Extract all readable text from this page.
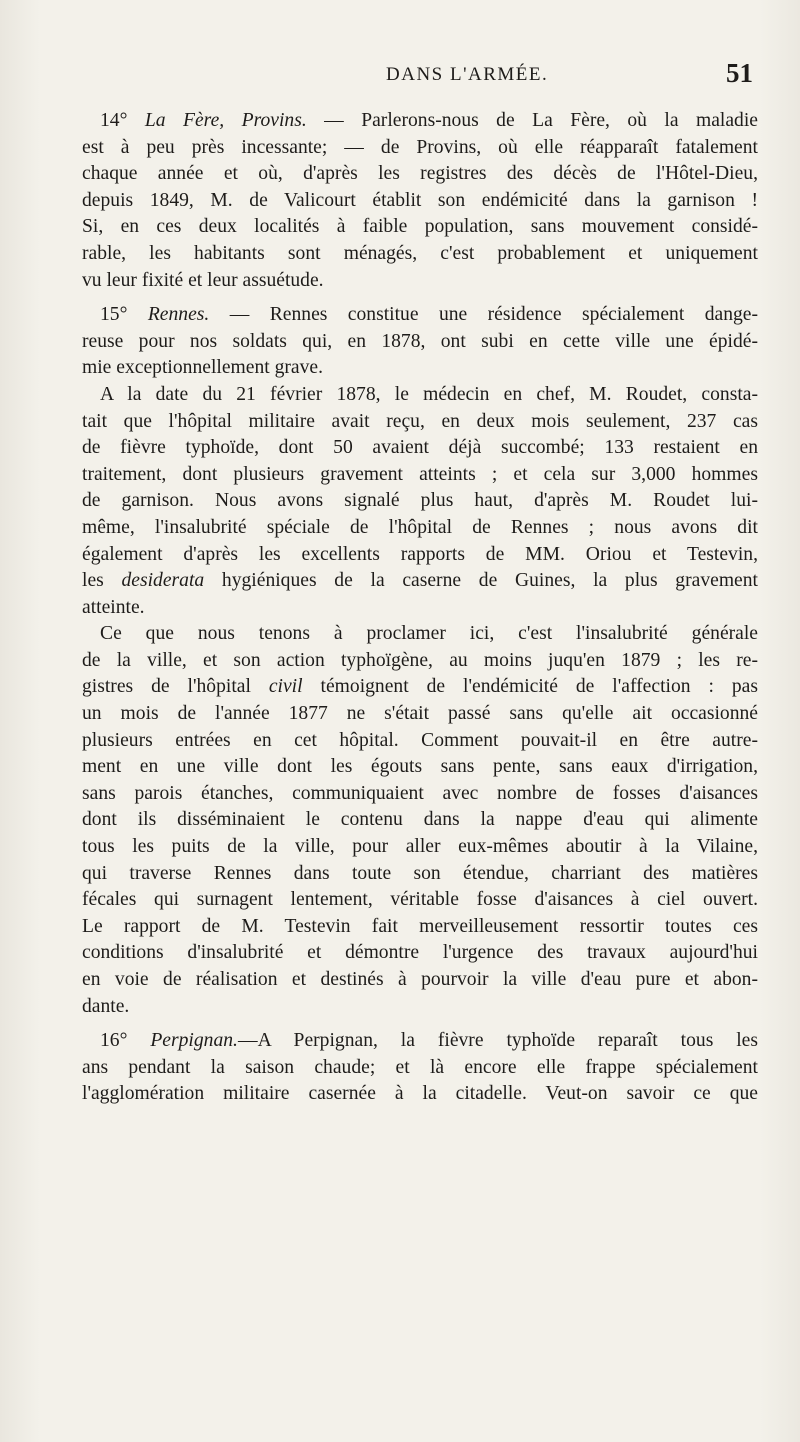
DANS L'ARMÉE.	51

14° La Fère, Provins. — Parlerons-nous de La Fère, où la maladie
est à peu près incessante; — de Provins, où elle réapparaît fatalement
chaque année et où, d'après les registres des décès de l'Hôtel-Dieu,
depuis 1849, M. de Valicourt établit son endémicité dans la garnison !
Si, en ces deux localités à faible population, sans mouvement considé-
rable, les habitants sont ménagés, c'est probablement et uniquement
vu leur fixité et leur assuétude.

15° Rennes. — Rennes constitue une résidence spécialement dange-
reuse pour nos soldats qui, en 1878, ont subi en cette ville une épidé-
mie exceptionnellement grave.
A la date du 21 février 1878, le médecin en chef, M. Roudet, consta-
tait que l'hôpital militaire avait reçu, en deux mois seulement, 237 cas
de fièvre typhoïde, dont 50 avaient déjà succombé; 133 restaient en
traitement, dont plusieurs gravement atteints ; et cela sur 3,000 hommes
de garnison. Nous avons signalé plus haut, d'après M. Roudet lui-
même, l'insalubrité spéciale de l'hôpital de Rennes ; nous avons dit
également d'après les excellents rapports de MM. Oriou et Testevin,
les desiderata hygiéniques de la caserne de Guines, la plus gravement
atteinte.
Ce que nous tenons à proclamer ici, c'est l'insalubrité générale
de la ville, et son action typhoïgène, au moins juqu'en 1879 ; les re-
gistres de l'hôpital civil témoignent de l'endémicité de l'affection : pas
un mois de l'année 1877 ne s'était passé sans qu'elle ait occasionné
plusieurs entrées en cet hôpital. Comment pouvait-il en être autre-
ment en une ville dont les égouts sans pente, sans eaux d'irrigation,
sans parois étanches, communiquaient avec nombre de fosses d'aisances
dont ils disséminaient le contenu dans la nappe d'eau qui alimente
tous les puits de la ville, pour aller eux-mêmes aboutir à la Vilaine,
qui traverse Rennes dans toute son étendue, charriant des matières
fécales qui surnagent lentement, véritable fosse d'aisances à ciel ouvert.
Le rapport de M. Testevin fait merveilleusement ressortir toutes ces
conditions d'insalubrité et démontre l'urgence des travaux aujourd'hui
en voie de réalisation et destinés à pourvoir la ville d'eau pure et abon-
dante.

16° Perpignan.—A Perpignan, la fièvre typhoïde reparaît tous les
ans pendant la saison chaude; et là encore elle frappe spécialement
l'agglomération militaire casernée à la citadelle. Veut-on savoir ce que
